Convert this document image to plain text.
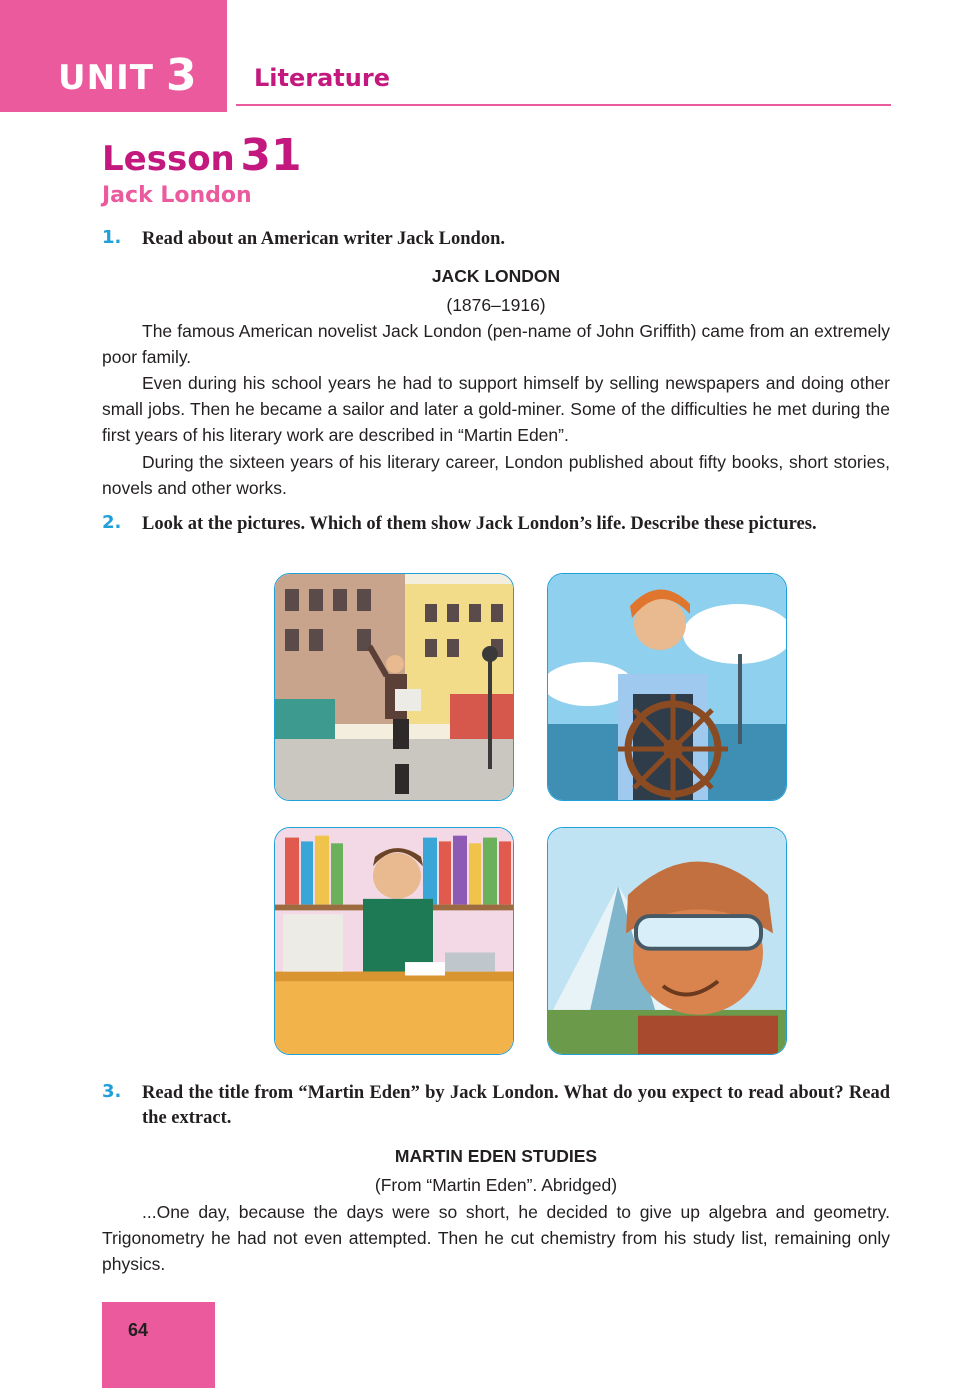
UNIT 3 Literature
Lesson 31
Jack London
1. Read about an American writer Jack London.
JACK LONDON
(1876–1916)

The famous American novelist Jack London (pen-name of John Griffith) came from an extremely poor family.

Even during his school years he had to support himself by selling newspapers and doing other small jobs. Then he became a sailor and later a gold-miner. Some of the difficulties he met during the first years of his literary work are described in “Martin Eden”.

During the sixteen years of his literary career, London published about fifty books, short stories, novels and other works.

2. Look at the pictures. Which of them show Jack London’s life. Describe these pictures.
3. Read the title from “Martin Eden” by Jack London. What do you expect to read about? Read the extract.
MARTIN EDEN STUDIES
(From “Martin Eden”. Abridged)

...One day, because the days were so short, he decided to give up algebra and geometry. Trigonometry he had not even attempted. Then he cut chemistry from his study list, remaining only physics.

64
